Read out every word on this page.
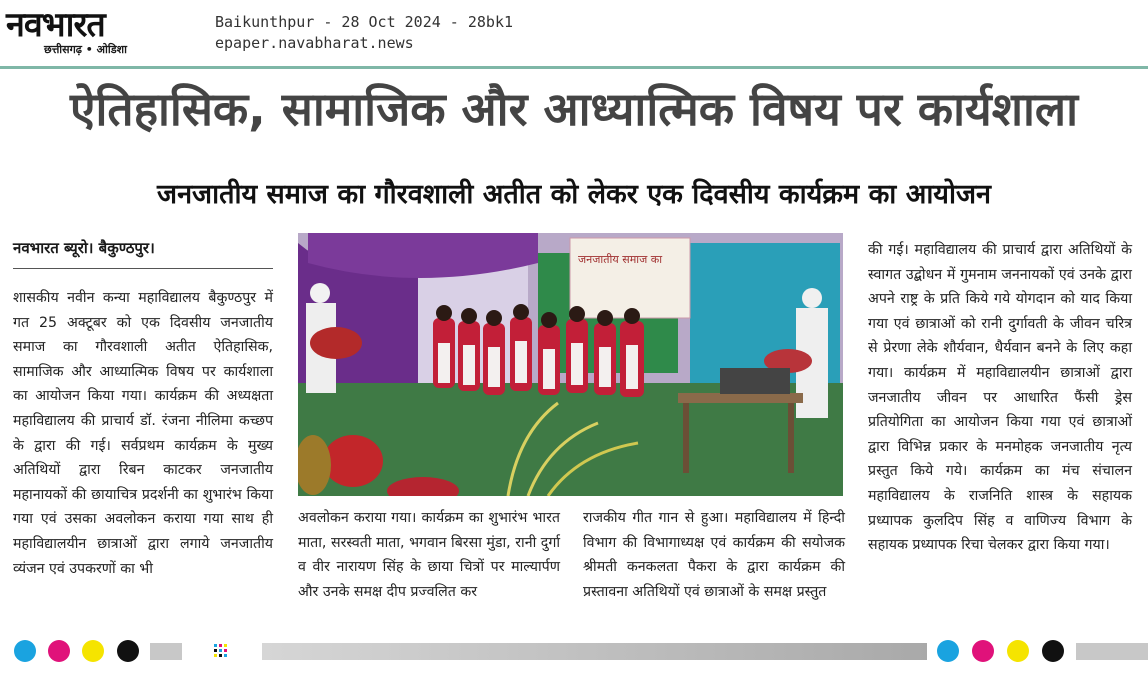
नवभारत
छत्तीसगढ़ • ओडिशा
Baikunthpur - 28 Oct 2024 - 28bk1
epaper.navabharat.news
ऐतिहासिक, सामाजिक और आध्यात्मिक विषय पर कार्यशाला
जनजातीय समाज का गौरवशाली अतीत को लेकर एक दिवसीय कार्यक्रम का आयोजन
नवभारत ब्यूरो। बैकुण्ठपुर।
शासकीय नवीन कन्या महाविद्यालय बैकुण्ठपुर में गत 25 अक्टूबर को एक दिवसीय जनजातीय समाज का गौरवशाली अतीत ऐतिहासिक, सामाजिक और आध्यात्मिक विषय पर कार्यशाला का आयोजन किया गया। कार्यक्रम की अध्यक्षता महाविद्यालय की प्राचार्य डॉ. रंजना नीलिमा कच्छप के द्वारा की गई। सर्वप्रथम कार्यक्रम के मुख्य अतिथियों द्वारा रिबन काटकर जनजातीय महानायकों की छायाचित्र प्रदर्शनी का शुभारंभ किया गया एवं उसका अवलोकन कराया गया साथ ही महाविद्यालयीन छात्राओं द्वारा लगाये जनजातीय व्यंजन एवं उपकरणों का भी
जनजातीय समाज का
अवलोकन कराया गया। कार्यक्रम का शुभारंभ भारत माता, सरस्वती माता, भगवान बिरसा मुंडा, रानी दुर्गा व वीर नारायण सिंह के छाया चित्रों पर माल्यार्पण और उनके समक्ष दीप प्रज्वलित कर
राजकीय गीत गान से हुआ। महाविद्यालय में हिन्दी विभाग की विभागाध्यक्ष एवं कार्यक्रम की सयोजक श्रीमती कनकलता पैकरा के द्वारा कार्यक्रम की प्रस्तावना अतिथियों एवं छात्राओं के समक्ष प्रस्तुत
की गई। महाविद्यालय की प्राचार्य द्वारा अतिथियों के स्वागत उद्बोधन में गुमनाम जननायकों एवं उनके द्वारा अपने राष्ट्र के प्रति किये गये योगदान को याद किया गया एवं छात्राओं को रानी दुर्गावती के जीवन चरित्र से प्रेरणा लेके शौर्यवान, धैर्यवान बनने के लिए कहा गया। कार्यक्रम में महाविद्यालयीन छात्राओं द्वारा जनजातीय जीवन पर आधारित फैंसी ड्रेस प्रतियोगिता का आयोजन किया गया एवं छात्राओं द्वारा विभिन्न प्रकार के मनमोहक जनजातीय नृत्य प्रस्तुत किये गये। कार्यक्रम का मंच संचालन महाविद्यालय के राजनिति शास्त्र के सहायक प्रध्यापक कुलदिप सिंह व वाणिज्य विभाग के सहायक प्रध्यापक रिचा चेलकर द्वारा किया गया।
